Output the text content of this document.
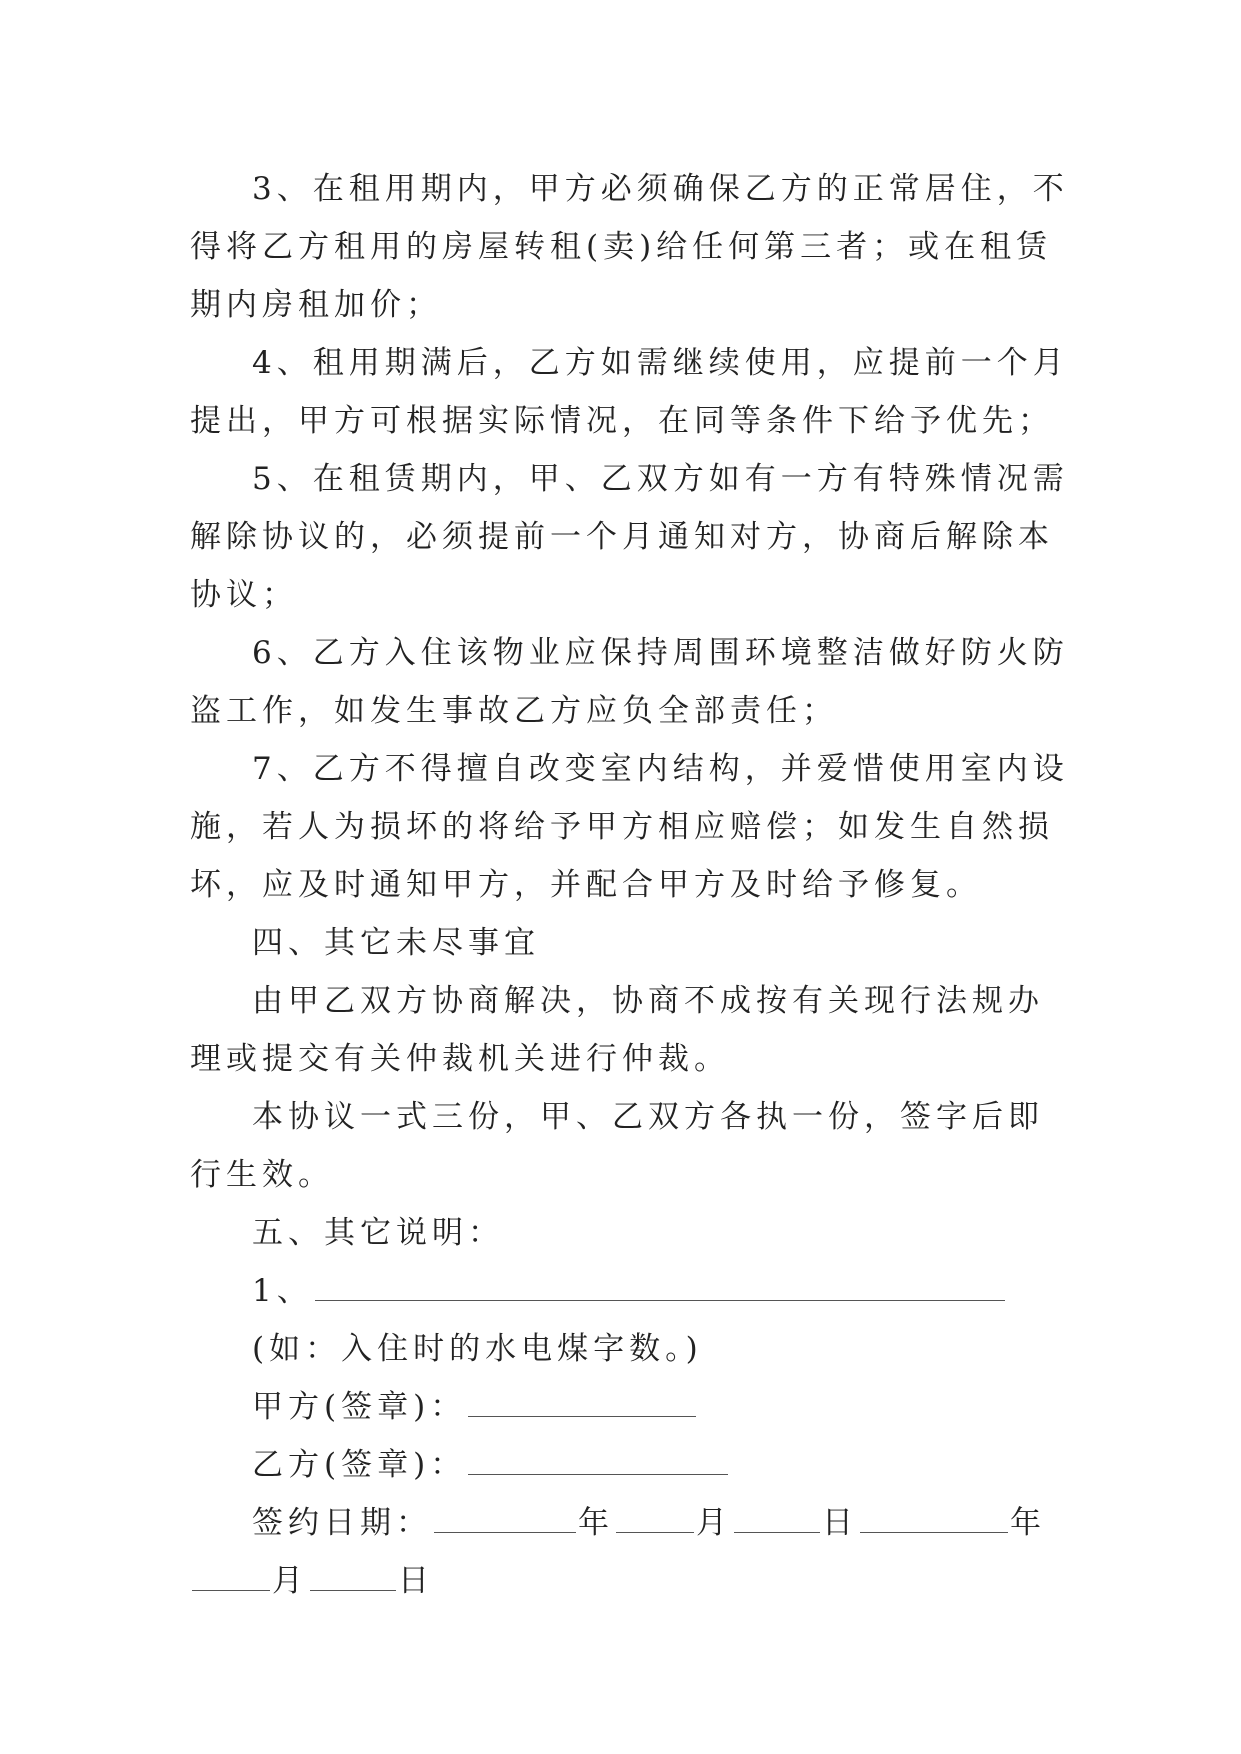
3、在租用期内，甲方必须确保乙方的正常居住，不得将乙方租用的房屋转租(卖)给任何第三者；或在租赁期内房租加价；

4、租用期满后，乙方如需继续使用，应提前一个月提出，甲方可根据实际情况，在同等条件下给予优先；

5、在租赁期内，甲、乙双方如有一方有特殊情况需解除协议的，必须提前一个月通知对方，协商后解除本协议；

6、乙方入住该物业应保持周围环境整洁做好防火防盗工作，如发生事故乙方应负全部责任；

7、乙方不得擅自改变室内结构，并爱惜使用室内设施，若人为损坏的将给予甲方相应赔偿；如发生自然损坏，应及时通知甲方，并配合甲方及时给予修复。

四、其它未尽事宜

由甲乙双方协商解决，协商不成按有关现行法规办理或提交有关仲裁机关进行仲裁。

本协议一式三份，甲、乙双方各执一份，签字后即行生效。

五、其它说明：

1、

(如：入住时的水电煤字数。)

甲方(签章)：

乙方(签章)：

签约日期：	年	月	日	年

月	日
